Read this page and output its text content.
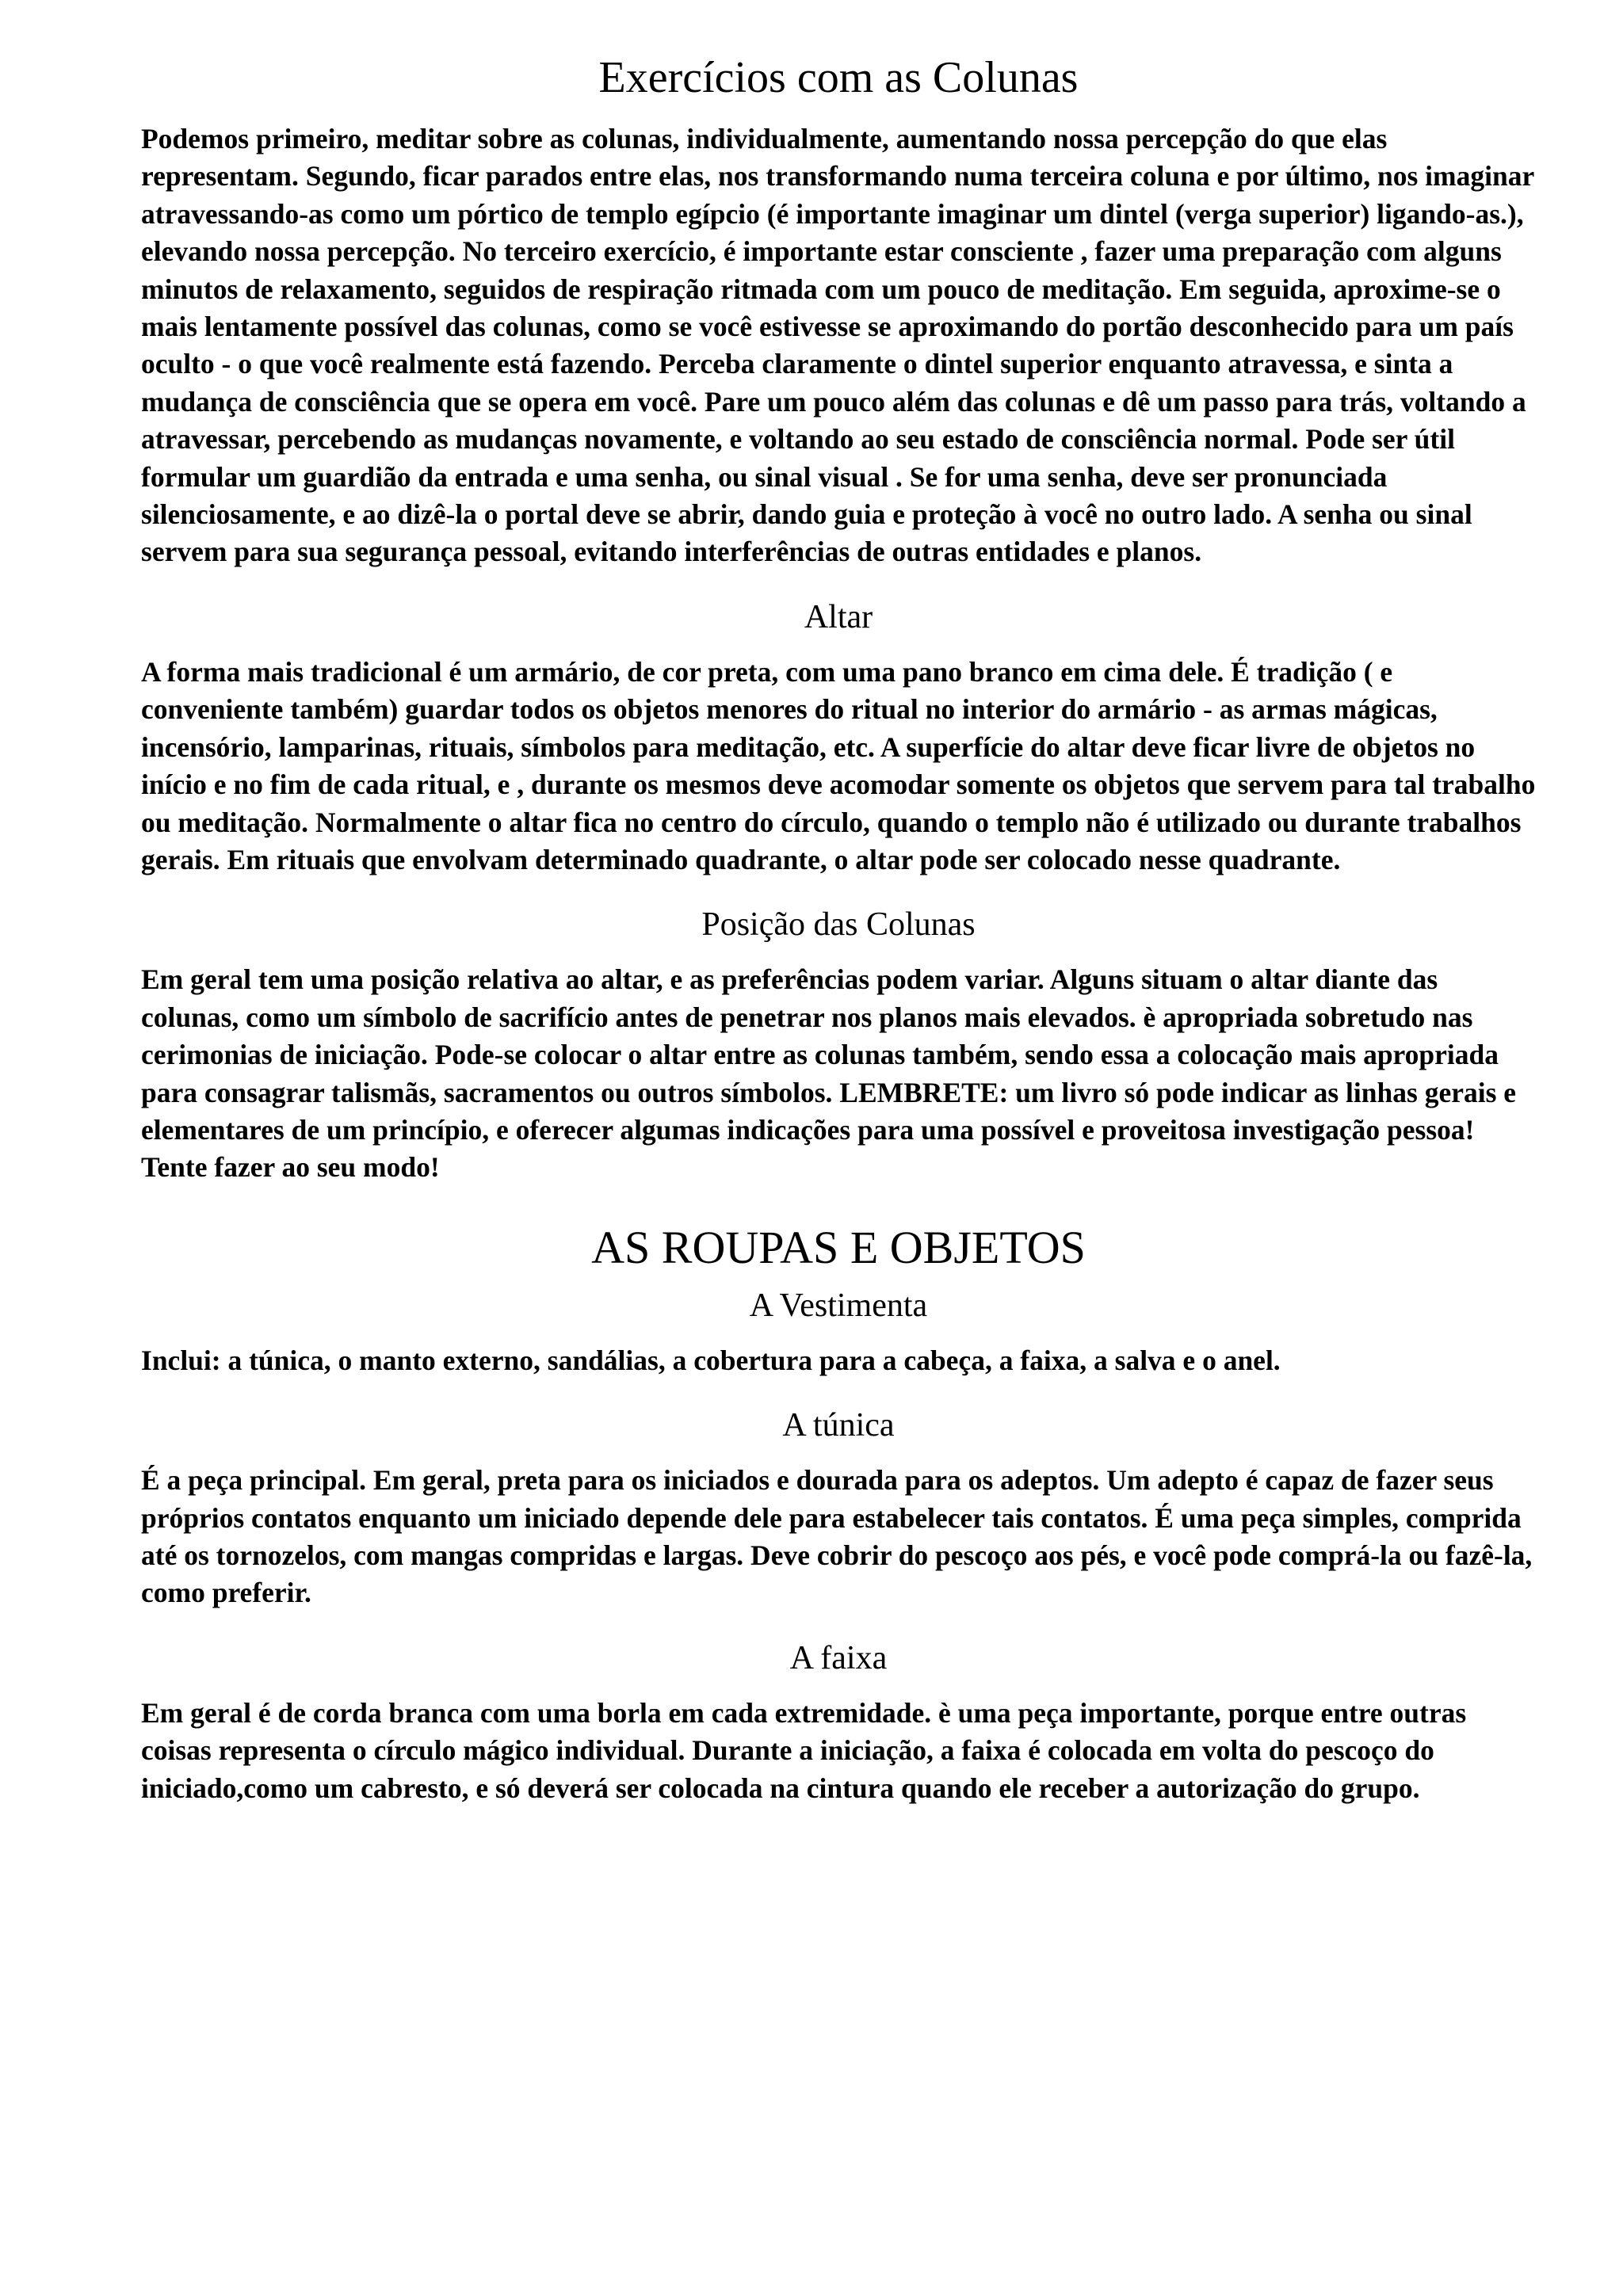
Exercícios com as Colunas

Podemos primeiro, meditar sobre as colunas, individualmente, aumentando nossa percepção do que elas representam. Segundo, ficar parados entre elas, nos transformando numa terceira coluna e por último, nos imaginar atravessando-as como um pórtico de templo egípcio (é importante imaginar um dintel (verga superior) ligando-as.), elevando nossa percepção. No terceiro exercício, é importante estar consciente , fazer uma preparação com alguns minutos de relaxamento, seguidos de respiração ritmada com um pouco de meditação. Em seguida, aproxime-se o mais lentamente possível das colunas, como se você estivesse se aproximando do portão desconhecido para um país oculto - o que você realmente está fazendo. Perceba claramente o dintel superior enquanto atravessa, e sinta a mudança de consciência que se opera em você. Pare um pouco além das colunas e dê um passo para trás, voltando a atravessar, percebendo as mudanças novamente, e voltando ao seu estado de consciência normal. Pode ser útil formular um guardião da entrada e uma senha, ou sinal visual . Se for uma senha, deve ser pronunciada silenciosamente, e ao dizê-la o portal deve se abrir, dando guia e proteção à você no outro lado. A senha ou sinal servem para sua segurança pessoal, evitando interferências de outras entidades e planos.

Altar

A forma mais tradicional é um armário, de cor preta, com uma pano branco em cima dele. É tradição ( e conveniente também) guardar todos os objetos menores do ritual no interior do armário - as armas mágicas, incensório, lamparinas, rituais, símbolos para meditação, etc. A superfície do altar deve ficar livre de objetos no início e no fim de cada ritual, e , durante os mesmos deve acomodar somente os objetos que servem para tal trabalho ou meditação. Normalmente o altar fica no centro do círculo, quando o templo não é utilizado ou durante trabalhos gerais. Em rituais que envolvam determinado quadrante, o altar pode ser colocado nesse quadrante.

Posição das Colunas

Em geral tem uma posição relativa ao altar, e as preferências podem variar. Alguns situam o altar diante das colunas, como um símbolo de sacrifício antes de penetrar nos planos mais elevados. è apropriada sobretudo nas cerimonias de iniciação. Pode-se colocar o altar entre as colunas também, sendo essa a colocação mais apropriada para consagrar talismãs, sacramentos ou outros símbolos. LEMBRETE: um livro só pode indicar as linhas gerais e elementares de um princípio, e oferecer algumas indicações para uma possível e proveitosa investigação pessoa! Tente fazer ao seu modo!

AS ROUPAS E OBJETOS
A Vestimenta

Inclui: a túnica, o manto externo, sandálias, a cobertura para a cabeça, a faixa, a salva e o anel.

A túnica

É a peça principal. Em geral, preta para os iniciados e dourada para os adeptos. Um adepto é capaz de fazer seus próprios contatos enquanto um iniciado depende dele para estabelecer tais contatos. É uma peça simples, comprida até os tornozelos, com mangas compridas e largas. Deve cobrir do pescoço aos pés, e você pode comprá-la ou fazê-la, como preferir.

A faixa

Em geral é de corda branca com uma borla em cada extremidade. è uma peça importante, porque entre outras coisas representa o círculo mágico individual. Durante a iniciação, a faixa é colocada em volta do pescoço do iniciado,como um cabresto, e só deverá ser colocada na cintura quando ele receber a autorização do grupo.
